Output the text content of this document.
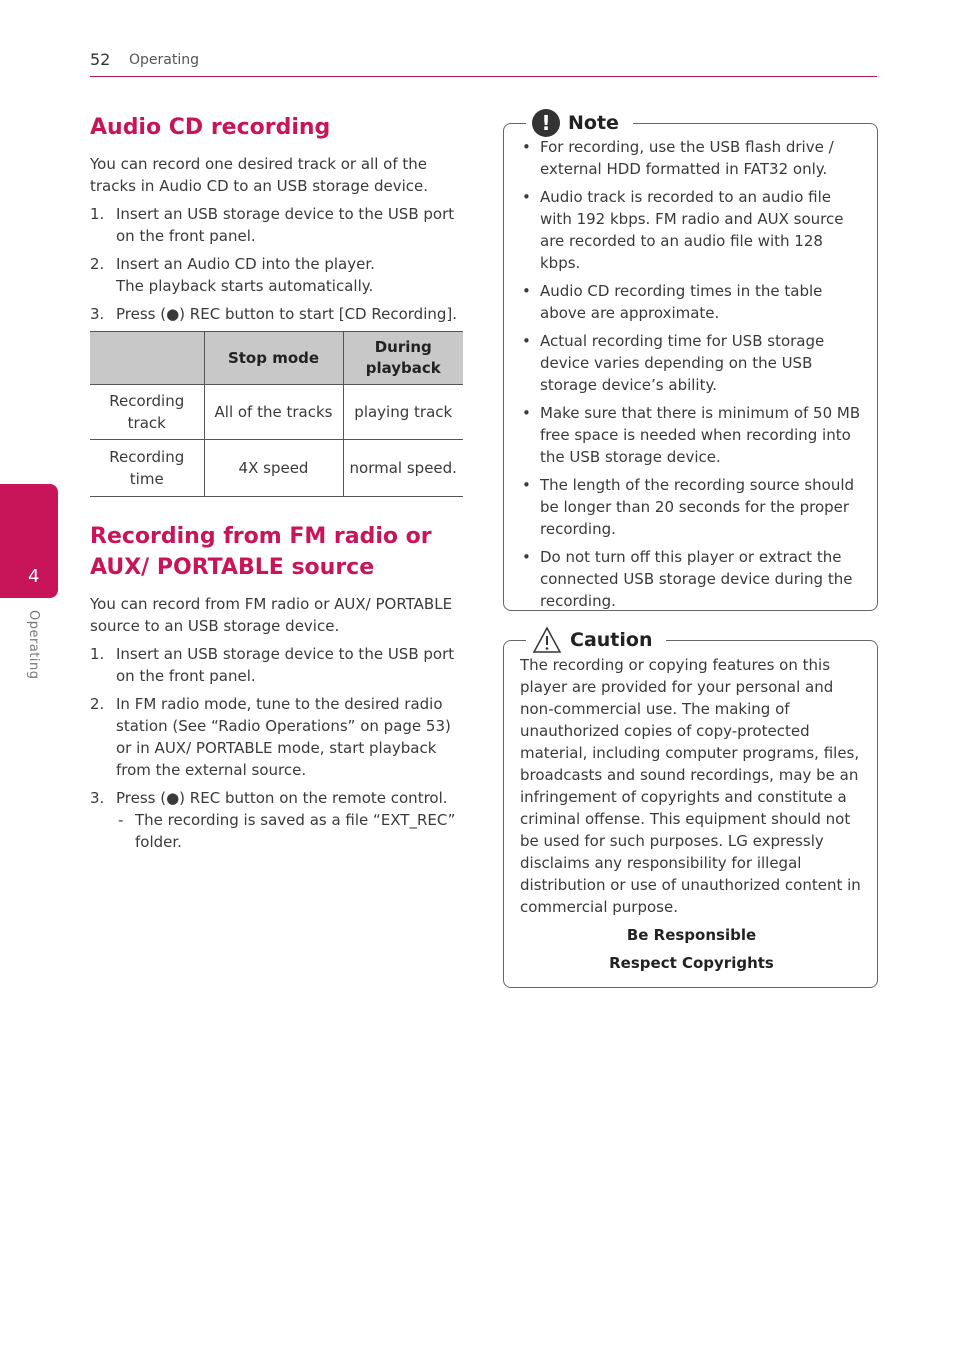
52 Operating
4
Operating
Audio CD recording

You can record one desired track or all of the tracks in Audio CD to an USB storage device.

1. Insert an USB storage device to the USB port on the front panel.
2. Insert an Audio CD into the player.
The playback starts automatically.
3. Press (●) REC button to start [CD Recording].
	Stop mode	During playback
Recording track	All of the tracks	playing track
Recording time	4X speed	normal speed.
Recording from FM radio or AUX/ PORTABLE source

You can record from FM radio or AUX/ PORTABLE source to an USB storage device.

1. Insert an USB storage device to the USB port on the front panel.
2. In FM radio mode, tune to the desired radio station (See “Radio Operations” on page 53)
or in AUX/ PORTABLE mode, start playback from the external source.
3. Press (●) REC button on the remote control.
- The recording is saved as a file “EXT_REC” folder.
! Note
• For recording, use the USB flash drive / external HDD formatted in FAT32 only.
• Audio track is recorded to an audio file with 192 kbps. FM radio and AUX source are recorded to an audio file with 128 kbps.
• Audio CD recording times in the table above are approximate.
• Actual recording time for USB storage device varies depending on the USB storage device’s ability.
• Make sure that there is minimum of 50 MB free space is needed when recording into the USB storage device.
• The length of the recording source should be longer than 20 seconds for the proper recording.
• Do not turn off this player or extract the connected USB storage device during the recording.
Caution
The recording or copying features on this player are provided for your personal and non-commercial use. The making of unauthorized copies of copy-protected material, including computer programs, files, broadcasts and sound recordings, may be an infringement of copyrights and constitute a criminal offense. This equipment should not be used for such purposes. LG expressly disclaims any responsibility for illegal distribution or use of unauthorized content in commercial purpose.
Be Responsible
Respect Copyrights
